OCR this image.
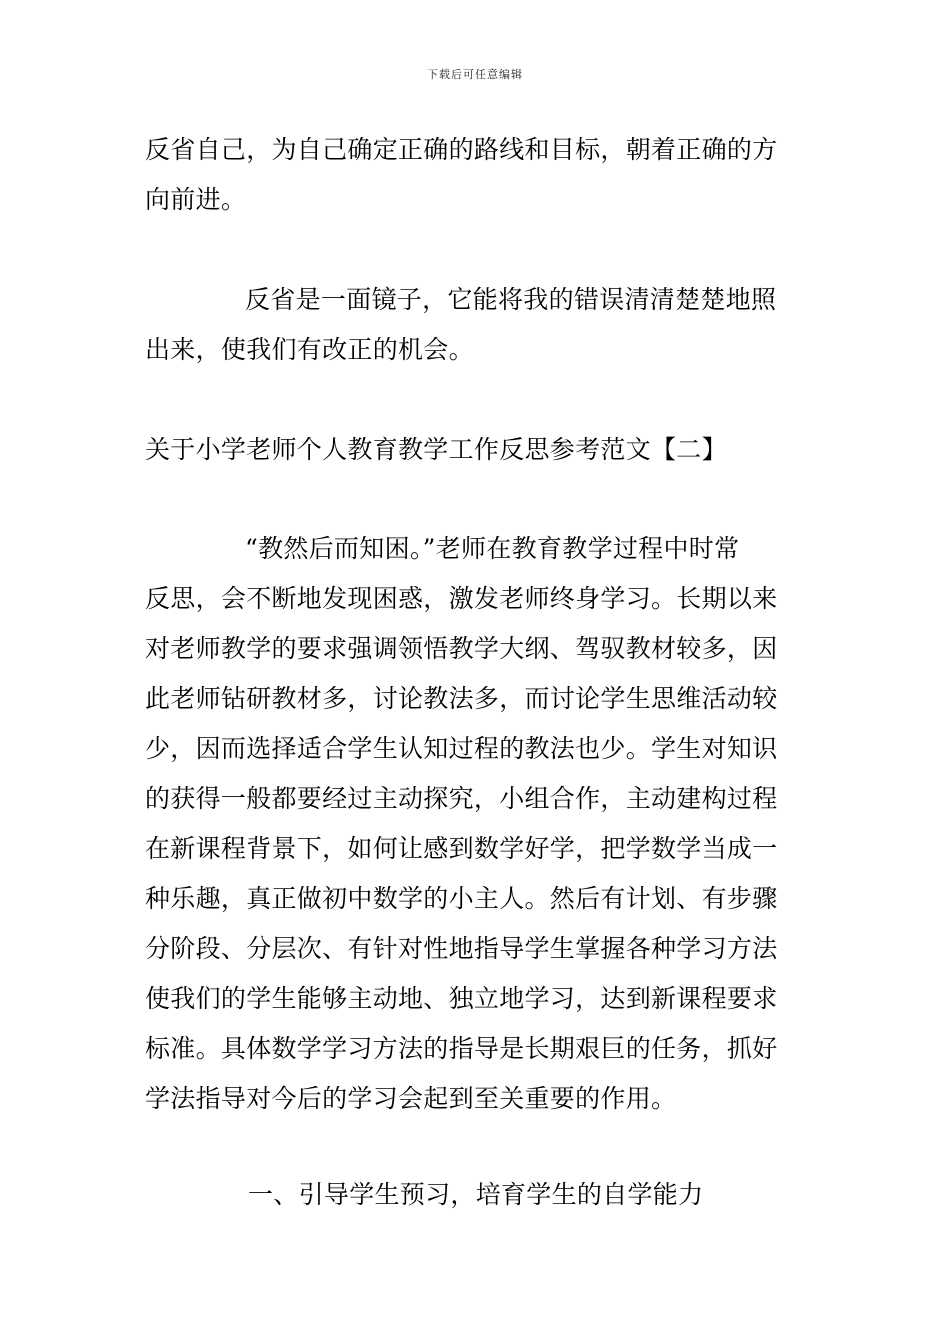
下载后可任意编辑
反省自己，为自己确定正确的路线和目标，朝着正确的方
向前进。
反省是一面镜子，它能将我的错误清清楚楚地照
出来，使我们有改正的机会。
关于小学老师个人教育教学工作反思参考范文【二】
“教然后而知困。”老师在教育教学过程中时常
反思，会不断地发现困惑，激发老师终身学习。长期以来
对老师教学的要求强调领悟教学大纲、驾驭教材较多，因
此老师钻研教材多，讨论教法多，而讨论学生思维活动较
少，因而选择适合学生认知过程的教法也少。学生对知识
的获得一般都要经过主动探究，小组合作，主动建构过程
在新课程背景下，如何让感到数学好学，把学数学当成一
种乐趣，真正做初中数学的小主人。然后有计划、有步骤
分阶段、分层次、有针对性地指导学生掌握各种学习方法
使我们的学生能够主动地、独立地学习，达到新课程要求
标准。具体数学学习方法的指导是长期艰巨的任务，抓好
学法指导对今后的学习会起到至关重要的作用。
一、引导学生预习，培育学生的自学能力
